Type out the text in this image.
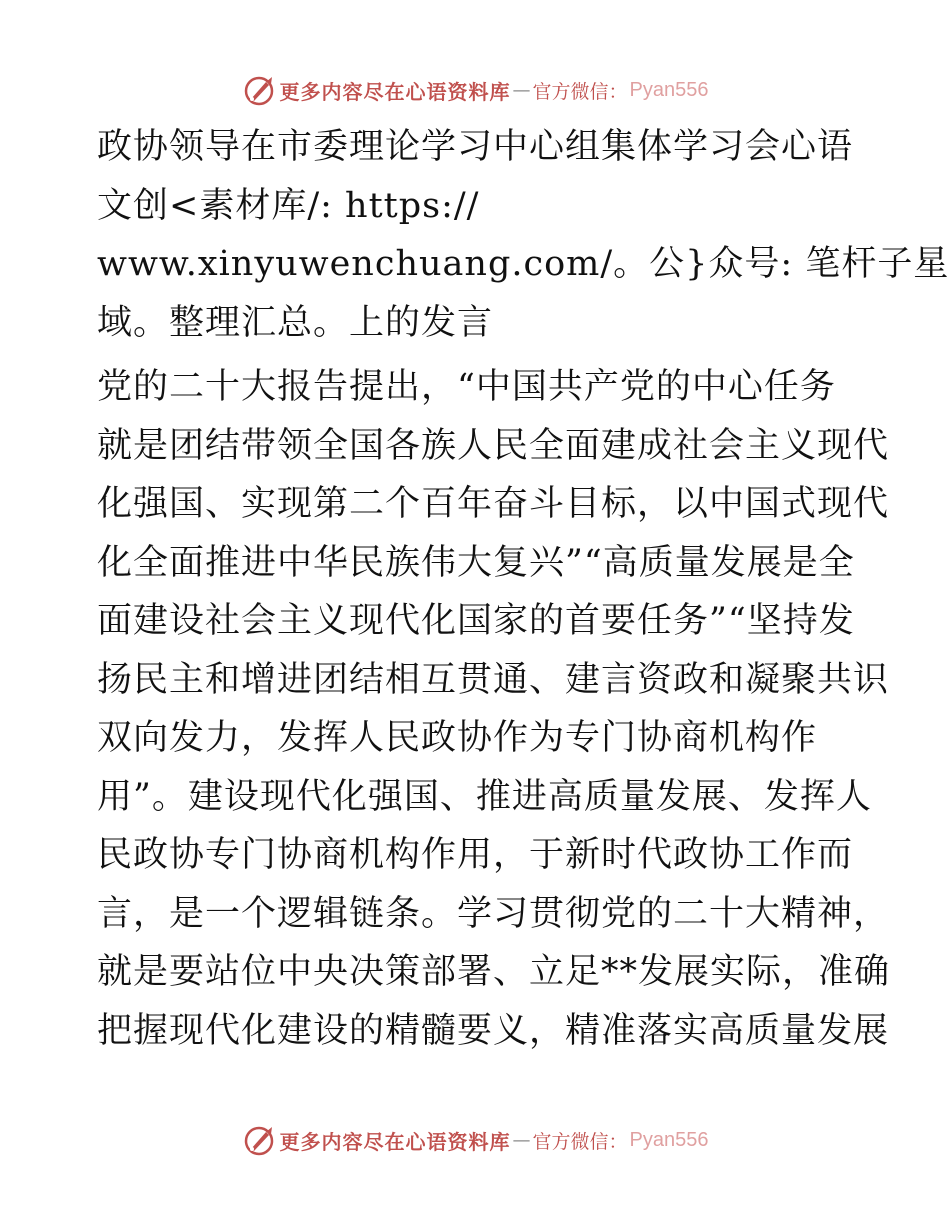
更多内容尽在心语资料库 — 官方微信： Pyan556
政协领导在市委理论学习中心组集体学习会心语
文创<素材库/: https://
www.xinyuwenchuang.com/。公}众号: 笔杆子星
域。整理汇总。上的发言
党的二十大报告提出，“中国共产党的中心任务
就是团结带领全国各族人民全面建成社会主义现代
化强国、实现第二个百年奋斗目标，以中国式现代
化全面推进中华民族伟大复兴”“高质量发展是全
面建设社会主义现代化国家的首要任务”“坚持发
扬民主和增进团结相互贯通、建言资政和凝聚共识
双向发力，发挥人民政协作为专门协商机构作
用”。建设现代化强国、推进高质量发展、发挥人
民政协专门协商机构作用，于新时代政协工作而
言，是一个逻辑链条。学习贯彻党的二十大精神，
就是要站位中央决策部署、立足**发展实际，准确
把握现代化建设的精髓要义，精准落实高质量发展
更多内容尽在心语资料库 — 官方微信： Pyan556
